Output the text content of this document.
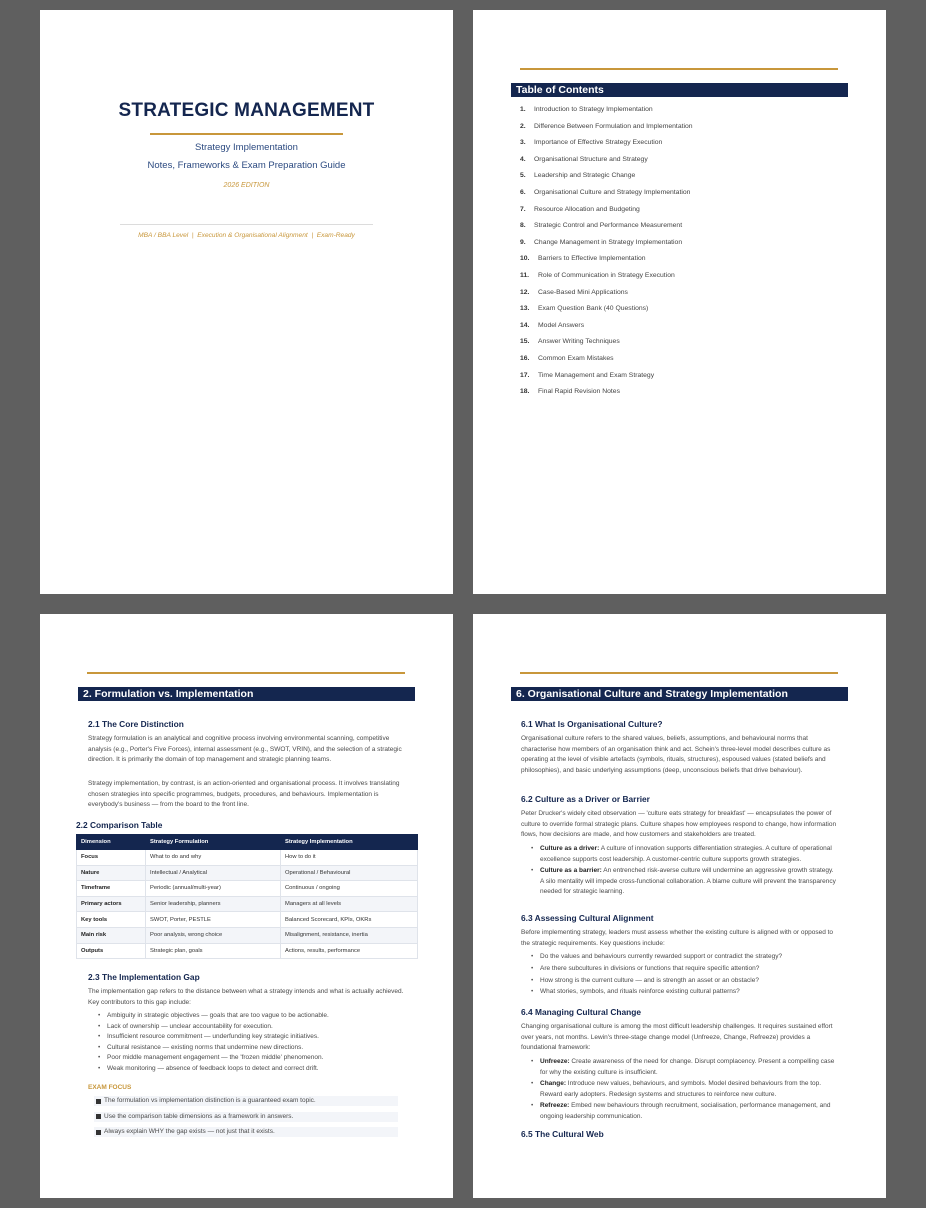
STRATEGIC MANAGEMENT
Strategy Implementation
Notes, Frameworks & Exam Preparation Guide
2026 EDITION
MBA / BBA Level  |  Execution & Organisational Alignment  |  Exam-Ready
Table of Contents
1.	Introduction to Strategy Implementation
2.	Difference Between Formulation and Implementation
3.	Importance of Effective Strategy Execution
4.	Organisational Structure and Strategy
5.	Leadership and Strategic Change
6.	Organisational Culture and Strategy Implementation
7.	Resource Allocation and Budgeting
8.	Strategic Control and Performance Measurement
9.	Change Management in Strategy Implementation
10.	Barriers to Effective Implementation
11.	Role of Communication in Strategy Execution
12.	Case-Based Mini Applications
13.	Exam Question Bank (40 Questions)
14.	Model Answers
15.	Answer Writing Techniques
16.	Common Exam Mistakes
17.	Time Management and Exam Strategy
18.	Final Rapid Revision Notes
2. Formulation vs. Implementation
2.1 The Core Distinction

Strategy formulation is an analytical and cognitive process involving environmental scanning, competitive analysis (e.g., Porter's Five Forces), internal assessment (e.g., SWOT, VRIN), and the selection of a strategic direction. It is primarily the domain of top management and strategic planning teams.

Strategy implementation, by contrast, is an action-oriented and organisational process. It involves translating chosen strategies into specific programmes, budgets, procedures, and behaviours. Implementation is everybody's business — from the board to the front line.

2.2 Comparison Table
Dimension	Strategy Formulation	Strategy Implementation
Focus	What to do and why	How to do it
Nature	Intellectual / Analytical	Operational / Behavioural
Timeframe	Periodic (annual/multi-year)	Continuous / ongoing
Primary actors	Senior leadership, planners	Managers at all levels
Key tools	SWOT, Porter, PESTLE	Balanced Scorecard, KPIs, OKRs
Main risk	Poor analysis, wrong choice	Misalignment, resistance, inertia
Outputs	Strategic plan, goals	Actions, results, performance
2.3 The Implementation Gap

The implementation gap refers to the distance between what a strategy intends and what is actually achieved. Key contributors to this gap include:

• Ambiguity in strategic objectives — goals that are too vague to be actionable.
• Lack of ownership — unclear accountability for execution.
• Insufficient resource commitment — underfunding key strategic initiatives.
• Cultural resistance — existing norms that undermine new directions.
• Poor middle management engagement — the 'frozen middle' phenomenon.
• Weak monitoring — absence of feedback loops to detect and correct drift.
EXAM FOCUS
The formulation vs implementation distinction is a guaranteed exam topic.
Use the comparison table dimensions as a framework in answers.
Always explain WHY the gap exists — not just that it exists.
6. Organisational Culture and Strategy Implementation
6.1 What Is Organisational Culture?

Organisational culture refers to the shared values, beliefs, assumptions, and behavioural norms that characterise how members of an organisation think and act. Schein's three-level model describes culture as operating at the level of visible artefacts (symbols, rituals, structures), espoused values (stated beliefs and philosophies), and basic underlying assumptions (deep, unconscious beliefs that drive behaviour).

6.2 Culture as a Driver or Barrier

Peter Drucker's widely cited observation — 'culture eats strategy for breakfast' — encapsulates the power of culture to override formal strategic plans. Culture shapes how employees respond to change, how information flows, how decisions are made, and how customers and stakeholders are treated.

• Culture as a driver: A culture of innovation supports differentiation strategies. A culture of operational excellence supports cost leadership. A customer-centric culture supports growth strategies.
• Culture as a barrier: An entrenched risk-averse culture will undermine an aggressive growth strategy. A silo mentality will impede cross-functional collaboration. A blame culture will prevent the transparency needed for strategic learning.
6.3 Assessing Cultural Alignment

Before implementing strategy, leaders must assess whether the existing culture is aligned with or opposed to the strategic requirements. Key questions include:

• Do the values and behaviours currently rewarded support or contradict the strategy?
• Are there subcultures in divisions or functions that require specific attention?
• How strong is the current culture — and is strength an asset or an obstacle?
• What stories, symbols, and rituals reinforce existing cultural patterns?
6.4 Managing Cultural Change

Changing organisational culture is among the most difficult leadership challenges. It requires sustained effort over years, not months. Lewin's three-stage change model (Unfreeze, Change, Refreeze) provides a foundational framework:

• Unfreeze: Create awareness of the need for change. Disrupt complacency. Present a compelling case for why the existing culture is insufficient.
• Change: Introduce new values, behaviours, and symbols. Model desired behaviours from the top. Reward early adopters. Redesign systems and structures to reinforce new culture.
• Refreeze: Embed new behaviours through recruitment, socialisation, performance management, and ongoing leadership communication.
6.5 The Cultural Web
